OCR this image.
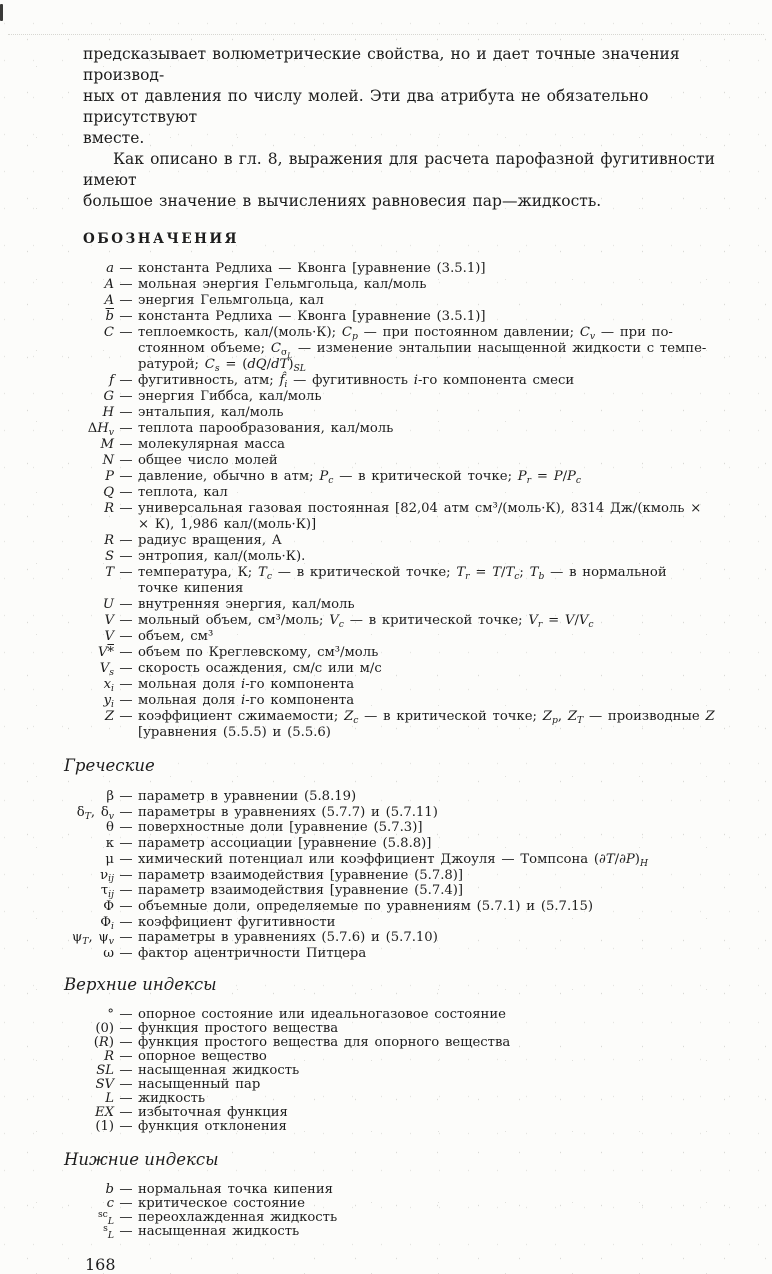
предсказывает волюметрические свойства, но и дает точные значения производ-
ных от давления по числу молей. Эти два атрибута не обязательно присутствуют
вместе.

Как описано в гл. 8, выражения для расчета парофазной фугитивности имеют
большое значение в вычислениях равновесия пар—жидкость.

ОБОЗНАЧЕНИЯ
a — константа Редлиха — Квонга [уравнение (3.5.1)]
A — мольная энергия Гельмгольца, кал/моль
A — энергия Гельмгольца, кал
$\overline{b}$ — константа Редлиха — Квонга [уравнение (3.5.1)]
C — теплоемкость, кал/(моль·К); $C_p$ — при постоянном давлении; $C_v$ — при по-
стоянном объеме; $C_{\sigma_L}$ — изменение энтальпии насыщенной жидкости с темпе-
ратурой; $C_s = (dQ/dT)_{SL}$
f — фугитивность, атм; $f̂_i$ — фугитивность i-го компонента смеси
G — энергия Гиббса, кал/моль
H — энтальпия, кал/моль
$\Delta H_v$ — теплота парообразования, кал/моль
M — молекулярная масса
N — общее число молей
P — давление, обычно в атм; $P_c$ — в критической точке; $P_r = P/P_c$
Q — теплота, кал
R — универсальная газовая постоянная [82,04 атм см³/(моль·К), 8314 Дж/(кмоль ×
× К), 1,986 кал/(моль·К)]
R — радиус вращения, А
S — энтропия, кал/(моль·К).
T — температура, К; $T_c$ — в критической точке; $T_r = T/T_c$; $T_b$ — в нормальной
точке кипения
U — внутренняя энергия, кал/моль
V — мольный объем, см³/моль; $V_c$ — в критической точке; $V_r = V/V_c$
V — объем, см³
V* — объем по Креглевскому, см³/моль
$V_s$ — скорость осаждения, см/с или м/с
$x_i$ — мольная доля i-го компонента
$y_i$ — мольная доля i-го компонента
Z — коэффициент сжимаемости; $Z_c$ — в критической точке; $Z_p$, $Z_T$ — производные Z
[уравнения (5.5.5) и (5.5.6)
Греческие
β — параметр в уравнении (5.8.19)
$\delta_T$, $\delta_v$ — параметры в уравнениях (5.7.7) и (5.7.11)
θ — поверхностные доли [уравнение (5.7.3)]
κ — параметр ассоциации [уравнение (5.8.8)]
μ — химический потенциал или коэффициент Джоуля — Томпсона $(\partial T/\partial P)_H$
$\nu_{ij}$ — параметр взаимодействия [уравнение (5.7.8)]
$\tau_{ij}$ — параметр взаимодействия [уравнение (5.7.4)]
Φ — объемные доли, определяемые по уравнениям (5.7.1) и (5.7.15)
$\Phi_i$ — коэффициент фугитивности
$\psi_T$, $\psi_v$ — параметры в уравнениях (5.7.6) и (5.7.10)
ω — фактор ацентричности Питцера
Верхние индексы
° — опорное состояние или идеальногазовое состояние
(0) — функция простого вещества
(R) — функция простого вещества для опорного вещества
R — опорное вещество
SL — насыщенная жидкость
SV — насыщенный пар
L — жидкость
EX — избыточная функция
(1) — функция отклонения
Нижние индексы
b — нормальная точка кипения
c — критическое состояние
$^{sc}_L$ — переохлажденная жидкость
$^s_L$ — насыщенная жидкость
168
